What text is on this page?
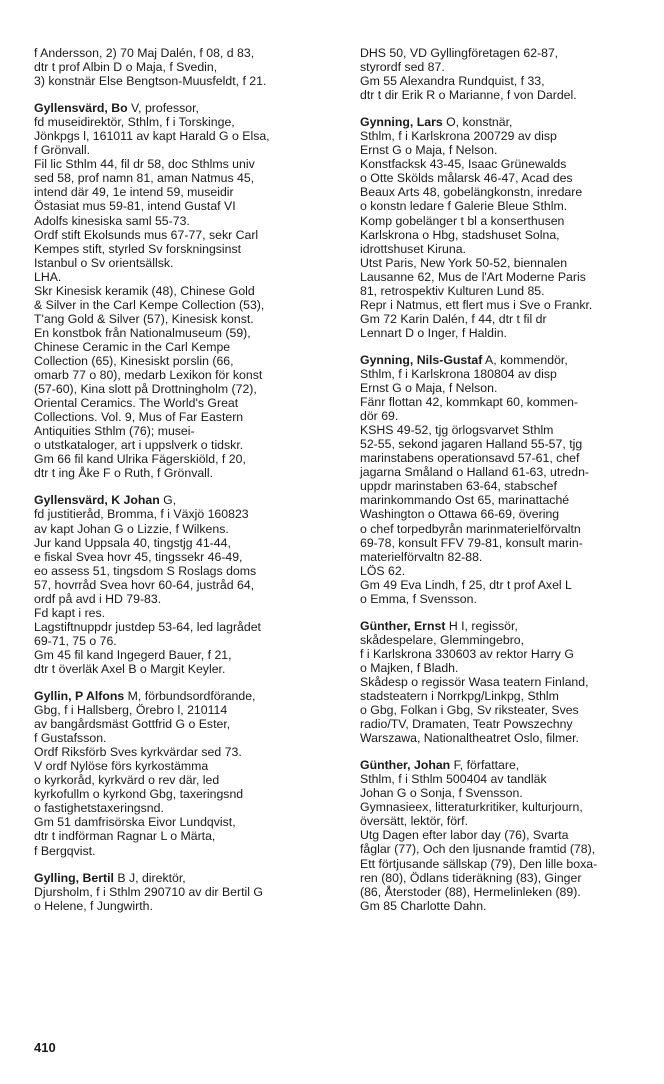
f Andersson, 2) 70 Maj Dalén, f 08, d 83,
dtr t prof Albin D o Maja, f Svedin,
3) konstnär Else Bengtson-Muusfeldt, f 21.
Gyllensvärd, Bo V, professor,
fd museidirektör, Sthlm, f i Torskinge,
Jönkpgs l, 161011 av kapt Harald G o Elsa,
f Grönvall.
Fil lic Sthlm 44, fil dr 58, doc Sthlms univ
sed 58, prof namn 81, aman Natmus 45,
intend där 49, 1e intend 59, museidir
Östasiat mus 59-81, intend Gustaf VI
Adolfs kinesiska saml 55-73.
Ordf stift Ekolsunds mus 67-77, sekr Carl
Kempes stift, styrled Sv forskningsinst
Istanbul o Sv orientsällsk.
LHA.
Skr Kinesisk keramik (48), Chinese Gold
& Silver in the Carl Kempe Collection (53),
T'ang Gold & Silver (57), Kinesisk konst.
En konstbok från Nationalmuseum (59),
Chinese Ceramic in the Carl Kempe
Collection (65), Kinesiskt porslin (66,
omarb 77 o 80), medarb Lexikon för konst
(57-60), Kina slott på Drottningholm (72),
Oriental Ceramics. The World's Great
Collections. Vol. 9, Mus of Far Eastern
Antiquities Sthlm (76); musei-
o utstkataloger, art i uppslverk o tidskr.
Gm 66 fil kand Ulrika Fägerskiöld, f 20,
dtr t ing Åke F o Ruth, f Grönvall.
Gyllensvärd, K Johan G,
fd justitieråd, Bromma, f i Växjö 160823
av kapt Johan G o Lizzie, f Wilkens.
Jur kand Uppsala 40, tingstjg 41-44,
e fiskal Svea hovr 45, tingssekr 46-49,
eo assess 51, tingsdom S Roslags doms
57, hovrråd Svea hovr 60-64, justråd 64,
ordf på avd i HD 79-83.
Fd kapt i res.
Lagstiftnuppdr justdep 53-64, led lagrådet
69-71, 75 o 76.
Gm 45 fil kand Ingegerd Bauer, f 21,
dtr t överläk Axel B o Margit Keyler.
Gyllin, P Alfons M, förbundsordförande,
Gbg, f i Hallsberg, Örebro l, 210114
av bangårdsmäst Gottfrid G o Ester,
f Gustafsson.
Ordf Riksförb Sves kyrkvärdar sed 73.
V ordf Nylöse förs kyrkostämma
o kyrkoråd, kyrkvärd o rev där, led
kyrkofullm o kyrkond Gbg, taxeringsnd
o fastighetstaxeringsnd.
Gm 51 damfrisörska Eivor Lundqvist,
dtr t indförman Ragnar L o Märta,
f Bergqvist.
Gylling, Bertil B J, direktör,
Djursholm, f i Sthlm 290710 av dir Bertil G
o Helene, f Jungwirth.
DHS 50, VD Gyllingföretagen 62-87,
styrordf sed 87.
Gm 55 Alexandra Rundquist, f 33,
dtr t dir Erik R o Marianne, f von Dardel.
Gynning, Lars O, konstnär,
Sthlm, f i Karlskrona 200729 av disp
Ernst G o Maja, f Nelson.
Konstfacksk 43-45, Isaac Grünewalds
o Otte Skölds målarsk 46-47, Acad des
Beaux Arts 48, gobelängkonstn, inredare
o konstn ledare f Galerie Bleue Sthlm.
Komp gobelänger t bl a konserthusen
Karlskrona o Hbg, stadshuset Solna,
idrottshuset Kiruna.
Utst Paris, New York 50-52, biennalen
Lausanne 62, Mus de l'Art Moderne Paris
81, retrospektiv Kulturen Lund 85.
Repr i Natmus, ett flert mus i Sve o Frankr.
Gm 72 Karin Dalén, f 44, dtr t fil dr
Lennart D o Inger, f Haldin.
Gynning, Nils-Gustaf A, kommendör,
Sthlm, f i Karlskrona 180804 av disp
Ernst G o Maja, f Nelson.
Fänr flottan 42, kommkapt 60, kommen-
dör 69.
KSHS 49-52, tjg örlogsvarvet Sthlm
52-55, sekond jagaren Halland 55-57, tjg
marinstabens operationsavd 57-61, chef
jagarna Småland o Halland 61-63, utredn-
uppdr marinstaben 63-64, stabschef
marinkommando Ost 65, marinattaché
Washington o Ottawa 66-69, övering
o chef torpedbyrån marinmaterielförvaltn
69-78, konsult FFV 79-81, konsult marin-
materielförvaltn 82-88.
LÖS 62.
Gm 49 Eva Lindh, f 25, dtr t prof Axel L
o Emma, f Svensson.
Günther, Ernst H I, regissör,
skådespelare, Glemmingebro,
f i Karlskrona 330603 av rektor Harry G
o Majken, f Bladh.
Skådesp o regissör Wasa teatern Finland,
stadsteatern i Norrkpg/Linkpg, Sthlm
o Gbg, Folkan i Gbg, Sv riksteater, Sves
radio/TV, Dramaten, Teatr Powszechny
Warszawa, Nationaltheatret Oslo, filmer.
Günther, Johan F, författare,
Sthlm, f i Sthlm 500404 av tandläk
Johan G o Sonja, f Svensson.
Gymnasieex, litteraturkritiker, kulturjourn,
översätt, lektör, förf.
Utg Dagen efter labor day (76), Svarta
fåglar (77), Och den ljusnande framtid (78),
Ett förtjusande sällskap (79), Den lille boxa-
ren (80), Ödlans tideräkning (83), Ginger
(86, Återstoder (88), Hermelinleken (89).
Gm 85 Charlotte Dahn.
410
